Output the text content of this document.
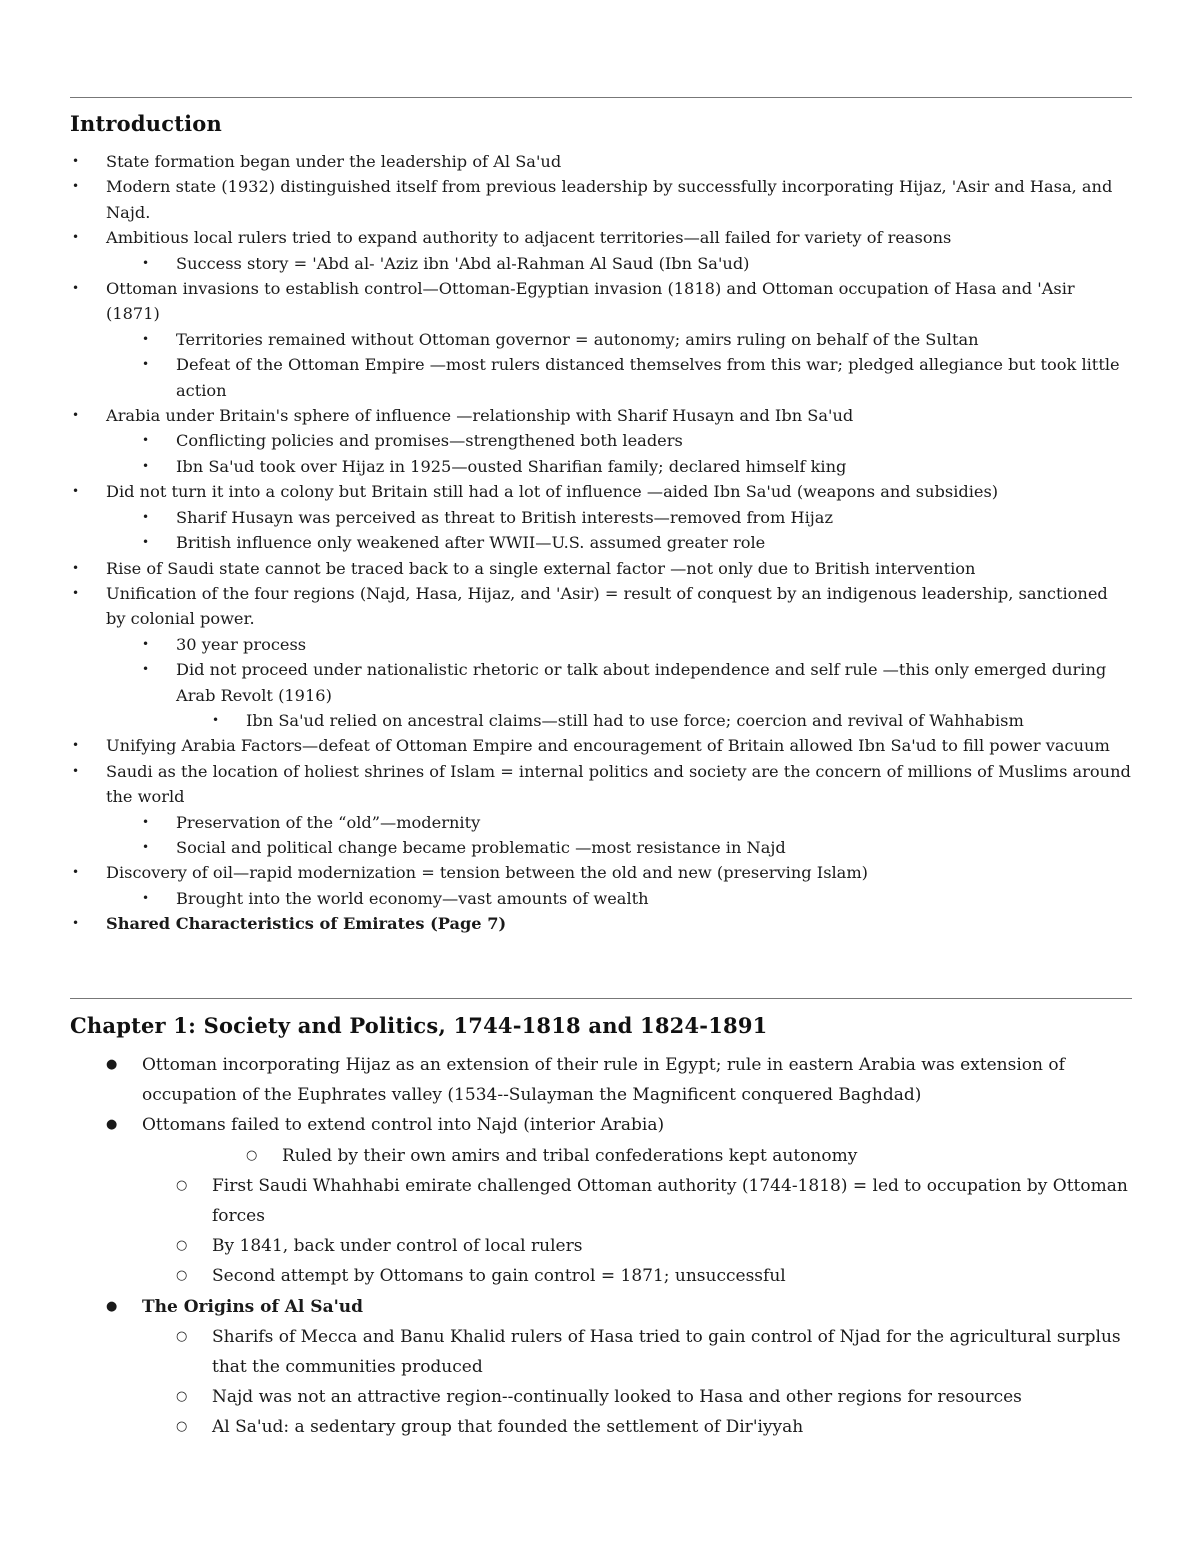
Introduction
• State formation began under the leadership of Al Sa'ud
• Modern state (1932) distinguished itself from previous leadership by successfully incorporating Hijaz, 'Asir and Hasa, and Najd.
• Ambitious local rulers tried to expand authority to adjacent territories—all failed for variety of reasons
• Success story = 'Abd al- 'Aziz ibn 'Abd al-Rahman Al Saud (Ibn Sa'ud)
• Ottoman invasions to establish control—Ottoman-Egyptian invasion (1818) and Ottoman occupation of Hasa and 'Asir (1871)
• Territories remained without Ottoman governor = autonomy; amirs ruling on behalf of the Sultan
• Defeat of the Ottoman Empire —most rulers distanced themselves from this war; pledged allegiance but took little action
• Arabia under Britain's sphere of influence —relationship with Sharif Husayn and Ibn Sa'ud
• Conflicting policies and promises—strengthened both leaders
• Ibn Sa'ud took over Hijaz in 1925—ousted Sharifian family; declared himself king
• Did not turn it into a colony but Britain still had a lot of influence —aided Ibn Sa'ud (weapons and subsidies)
• Sharif Husayn was perceived as threat to British interests—removed from Hijaz
• British influence only weakened after WWII—U.S. assumed greater role
• Rise of Saudi state cannot be traced back to a single external factor —not only due to British intervention
• Unification of the four regions (Najd, Hasa, Hijaz, and 'Asir) = result of conquest by an indigenous leadership, sanctioned by colonial power.
• 30 year process
• Did not proceed under nationalistic rhetoric or talk about independence and self rule —this only emerged during Arab Revolt (1916)
• Ibn Sa'ud relied on ancestral claims—still had to use force; coercion and revival of Wahhabism
• Unifying Arabia Factors—defeat of Ottoman Empire and encouragement of Britain allowed Ibn Sa'ud to fill power vacuum
• Saudi as the location of holiest shrines of Islam = internal politics and society are the concern of millions of Muslims around the world
• Preservation of the “old”—modernity
• Social and political change became problematic —most resistance in Najd
• Discovery of oil—rapid modernization = tension between the old and new (preserving Islam)
• Brought into the world economy—vast amounts of wealth
• Shared Characteristics of Emirates (Page 7)
Chapter 1: Society and Politics, 1744-1818 and 1824-1891
● Ottoman incorporating Hijaz as an extension of their rule in Egypt; rule in eastern Arabia was extension of occupation of the Euphrates valley (1534--Sulayman the Magnificent conquered Baghdad)
● Ottomans failed to extend control into Najd (interior Arabia)
○ Ruled by their own amirs and tribal confederations kept autonomy
○ First Saudi Whahhabi emirate challenged Ottoman authority (1744-1818) = led to occupation by Ottoman forces
○ By 1841, back under control of local rulers
○ Second attempt by Ottomans to gain control = 1871; unsuccessful
● The Origins of Al Sa'ud
○ Sharifs of Mecca and Banu Khalid rulers of Hasa tried to gain control of Njad for the agricultural surplus that the communities produced
○ Najd was not an attractive region--continually looked to Hasa and other regions for resources
○ Al Sa'ud: a sedentary group that founded the settlement of Dir'iyyah
